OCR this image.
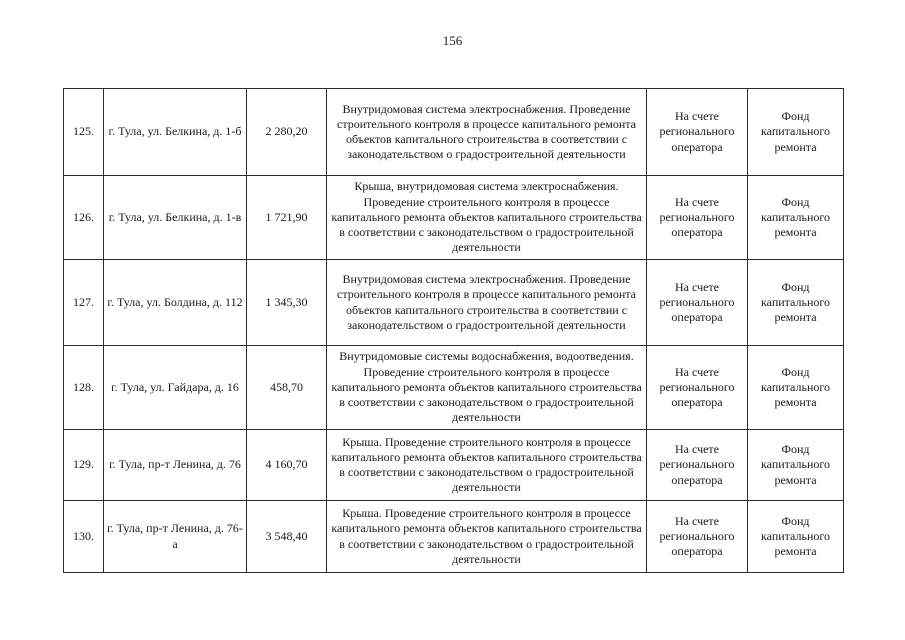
156
125.	г. Тула, ул. Белкина, д. 1-б	2 280,20	Внутридомовая система электроснабжения. Проведение строительного контроля в процессе капитального ремонта объектов капитального строительства в соответствии с законодательством о градостроительной деятельности	На счете регионального оператора	Фонд капитального ремонта
126.	г. Тула, ул. Белкина, д. 1-в	1 721,90	Крыша, внутридомовая система электроснабжения. Проведение строительного контроля в процессе капитального ремонта объектов капитального строительства в соответствии с законодательством о градостроительной деятельности	На счете регионального оператора	Фонд капитального ремонта
127.	г. Тула, ул. Болдина, д. 112	1 345,30	Внутридомовая система электроснабжения. Проведение строительного контроля в процессе капитального ремонта объектов капитального строительства в соответствии с законодательством о градостроительной деятельности	На счете регионального оператора	Фонд капитального ремонта
128.	г. Тула, ул. Гайдара, д. 16	458,70	Внутридомовые системы водоснабжения, водоотведения. Проведение строительного контроля в процессе капитального ремонта объектов капитального строительства в соответствии с законодательством о градостроительной деятельности	На счете регионального оператора	Фонд капитального ремонта
129.	г. Тула, пр-т Ленина, д. 76	4 160,70	Крыша. Проведение строительного контроля в процессе капитального ремонта объектов капитального строительства в соответствии с законодательством о градостроительной деятельности	На счете регионального оператора	Фонд капитального ремонта
130.	г. Тула, пр-т Ленина, д. 76-а	3 548,40	Крыша. Проведение строительного контроля в процессе капитального ремонта объектов капитального строительства в соответствии с законодательством о градостроительной деятельности	На счете регионального оператора	Фонд капитального ремонта
